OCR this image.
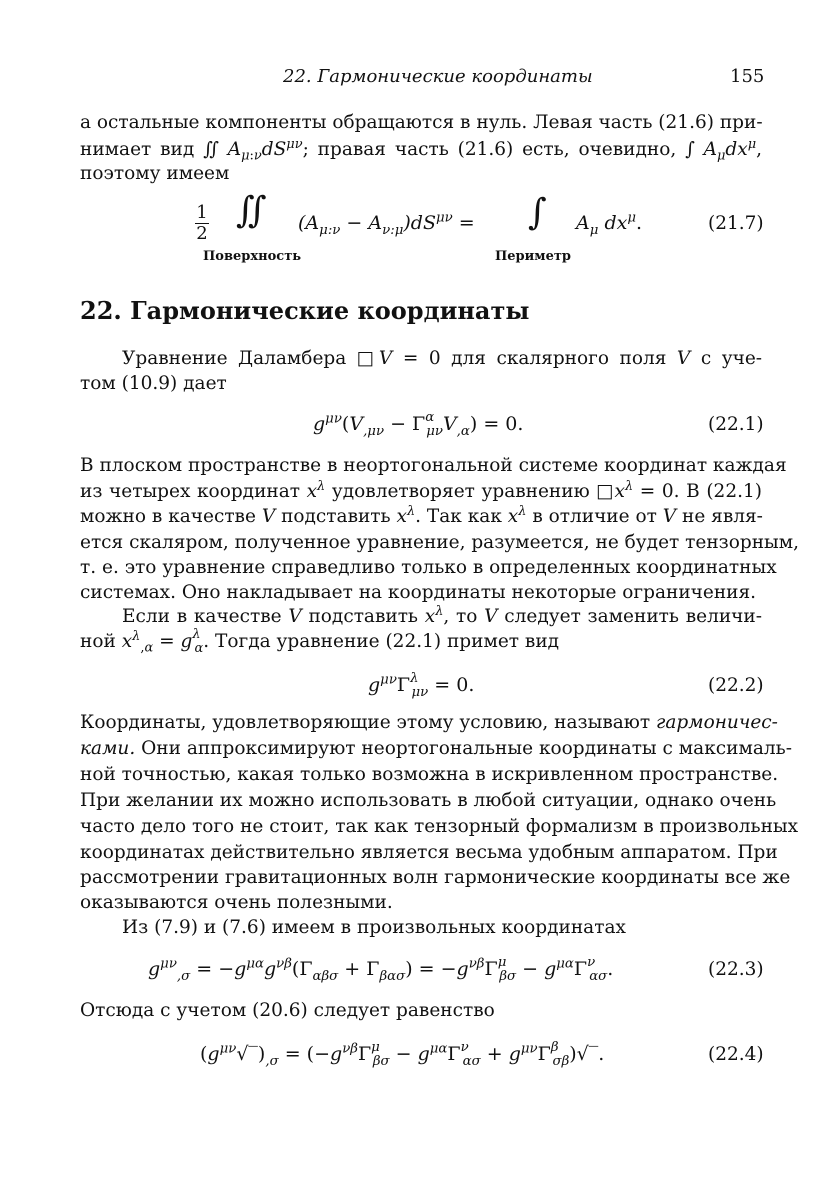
22. Гармонические координаты	155
а остальные компоненты обращаются в нуль. Левая часть (21.6) при-
нимает вид ∬ $A_{\mu:\nu}dS^{\mu\nu}$; правая часть (21.6) есть, очевидно, ∫ $A_\mu dx^\mu$,
поэтому имеем
1
2
∬ $(A_{\mu:\nu} - A_{\nu:\mu})dS^{\mu\nu}$ = ∫ $A_\mu$ $dx^\mu$.
Поверхность	Периметр
(21.7)
22. Гармонические координаты
Уравнение Даламбера □V = 0 для скалярного поля V с уче-
том (10.9) дает
$g^{\mu\nu}(V_{,\mu\nu} - \Gamma^\alpha_{\mu\nu}V_{,\alpha}) = 0$.	(22.1)
В плоском пространстве в неортогональной системе координат каждая
из четырех координат $x^\lambda$ удовлетворяет уравнению $□x^\lambda = 0$. В (22.1)
можно в качестве V подставить $x^\lambda$. Так как $x^\lambda$ в отличие от V не явля-
ется скаляром, полученное уравнение, разумеется, не будет тензорным,
т. е. это уравнение справедливо только в определенных координатных
системах. Оно накладывает на координаты некоторые ограничения.
Если в качестве V подставить $x^\lambda$, то V следует заменить величи-
ной $x^\lambda_{,\alpha} = g^\lambda_\alpha$. Тогда уравнение (22.1) примет вид
$g^{\mu\nu}\Gamma^\lambda_{\mu\nu} = 0$.	(22.2)
Координаты, удовлетворяющие этому условию, называют гармоничес-
ками. Они аппроксимируют неортогональные координаты с максималь-
ной точностью, какая только возможна в искривленном пространстве.
При желании их можно использовать в любой ситуации, однако очень
часто дело того не стоит, так как тензорный формализм в произвольных
координатах действительно является весьма удобным аппаратом. При
рассмотрении гравитационных волн гармонические координаты все же
оказываются очень полезными.
Из (7.9) и (7.6) имеем в произвольных координатах
$g^{\mu\nu}_{,\sigma} = -g^{\mu\alpha}g^{\nu\beta}(\Gamma_{\alpha\beta\sigma} + \Gamma_{\beta\alpha\sigma}) = -g^{\nu\beta}\Gamma^\mu_{\beta\sigma} - g^{\mu\alpha}\Gamma^\nu_{\alpha\sigma}$.	(22.3)
Отсюда с учетом (20.6) следует равенство
$(g^{\mu\nu}√‾)_{,\sigma} = (-g^{\nu\beta}\Gamma^\mu_{\beta\sigma} - g^{\mu\alpha}\Gamma^\nu_{\alpha\sigma}$ + $g^{\mu\nu}\Gamma^\beta_{\sigma\beta})√‾$.	(22.4)
